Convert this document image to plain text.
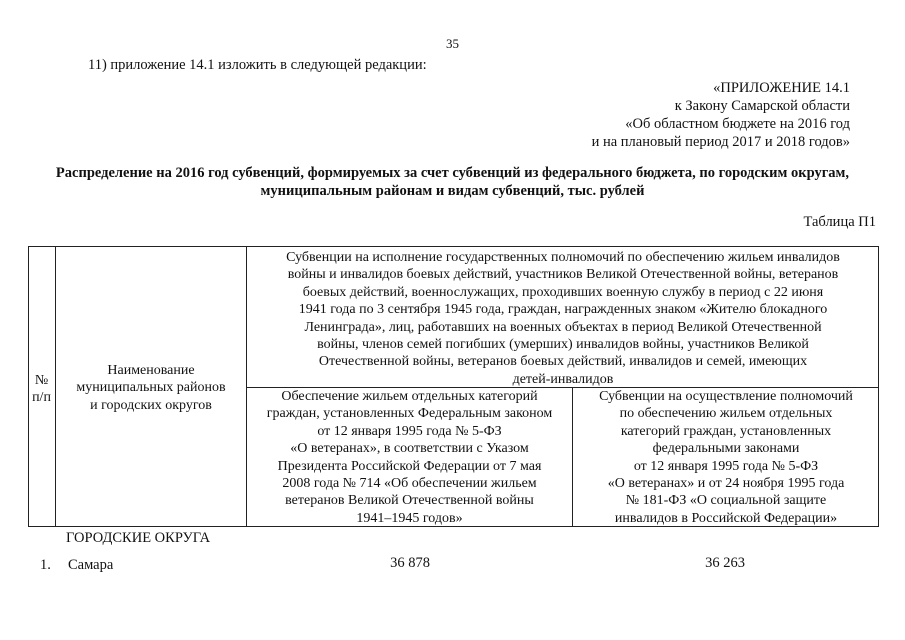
35
11) приложение 14.1 изложить в следующей редакции:
«ПРИЛОЖЕНИЕ 14.1
к Закону Самарской области
«Об областном бюджете на 2016 год
и на плановый период 2017 и 2018 годов»
Распределение на 2016 год субвенций, формируемых за счет субвенций из федерального бюджета, по городским округам,
муниципальным районам и видам субвенций, тыс. рублей
Таблица П1
№
п/п
Наименование
муниципальных районов
и городских округов
Субвенции на исполнение государственных полномочий по обеспечению жильем инвалидов
войны и инвалидов боевых действий, участников Великой Отечественной войны, ветеранов
боевых действий, военнослужащих, проходивших военную службу в период с 22 июня
1941 года по 3 сентября 1945 года, граждан, награжденных знаком «Жителю блокадного
Ленинграда», лиц, работавших на военных объектах в период Великой Отечественной
войны, членов семей погибших (умерших) инвалидов войны, участников Великой
Отечественной войны, ветеранов боевых действий, инвалидов и семей, имеющих
детей-инвалидов
Обеспечение жильем отдельных категорий
граждан, установленных Федеральным законом
от 12 января 1995 года № 5-ФЗ
«О ветеранах», в соответствии с Указом
Президента Российской Федерации от 7 мая
2008 года № 714 «Об обеспечении жильем
ветеранов Великой Отечественной войны
1941–1945 годов»
Субвенции на осуществление полномочий
по обеспечению жильем отдельных
категорий граждан, установленных
федеральными законами
от 12 января 1995 года № 5-ФЗ
«О ветеранах» и от 24 ноября 1995 года
№ 181-ФЗ «О социальной защите
инвалидов в Российской Федерации»
ГОРОДСКИЕ ОКРУГА
1. Самара	36 878	36 263
